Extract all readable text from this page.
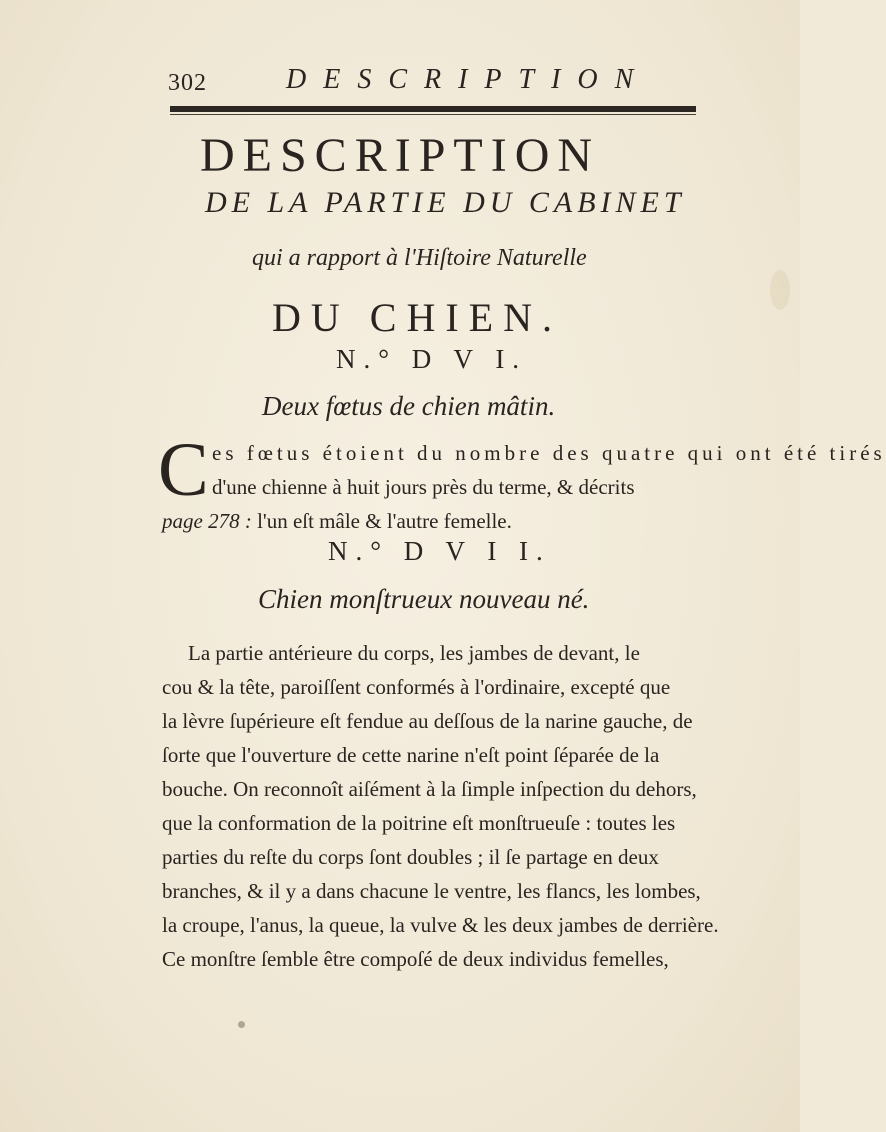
302	DESCRIPTION
DESCRIPTION
DE LA PARTIE DU CABINET
qui a rapport à l'Hiſtoire Naturelle
DU CHIEN.
N.° D V I.
Deux fœtus de chien mâtin.
C es fœtus étoient du nombre des quatre qui ont été tirés
d'une chienne à huit jours près du terme, & décrits
page 278 : l'un eſt mâle & l'autre femelle.
N.° D V I I.
Chien monſtrueux nouveau né.
La partie antérieure du corps, les jambes de devant, le
cou & la tête, paroiſſent conformés à l'ordinaire, excepté que
la lèvre ſupérieure eſt fendue au deſſous de la narine gauche, de
ſorte que l'ouverture de cette narine n'eſt point ſéparée de la
bouche. On reconnoît aiſément à la ſimple inſpection du dehors,
que la conformation de la poitrine eſt monſtrueuſe : toutes les
parties du reſte du corps ſont doubles ; il ſe partage en deux
branches, & il y a dans chacune le ventre, les flancs, les lombes,
la croupe, l'anus, la queue, la vulve & les deux jambes de derrière.
Ce monſtre ſemble être compoſé de deux individus femelles,
